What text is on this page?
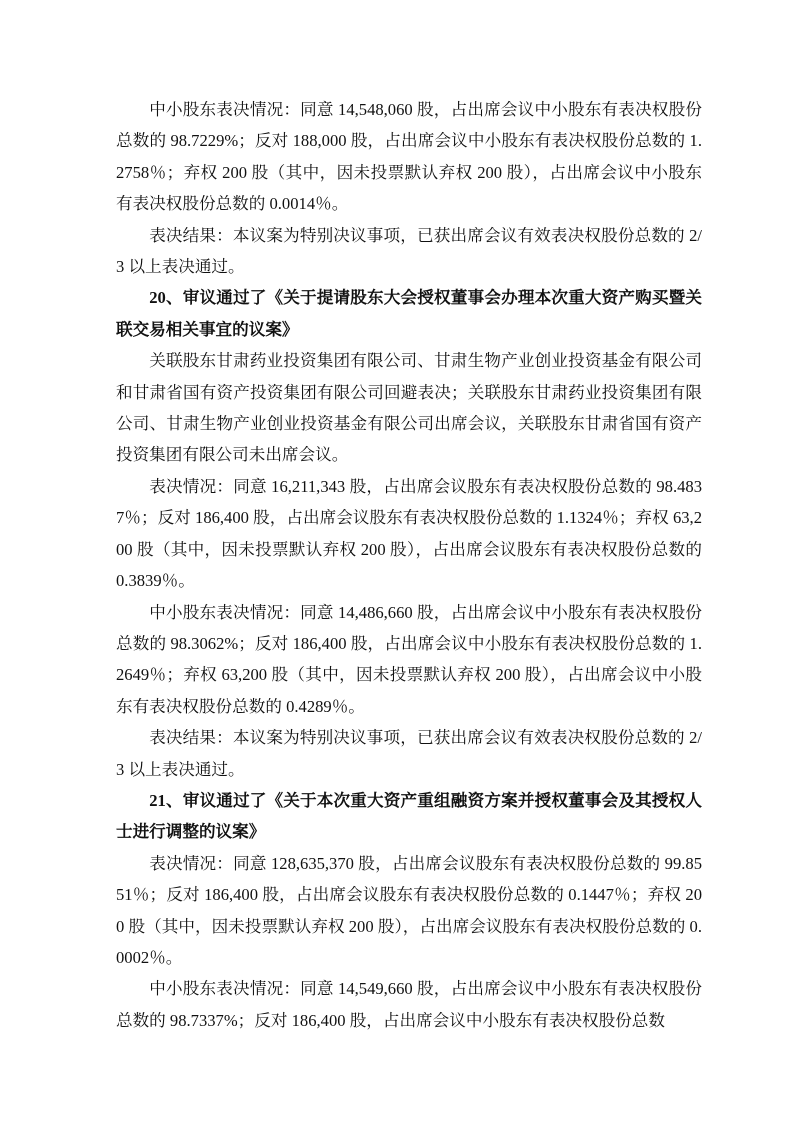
中小股东表决情况：同意 14,548,060 股，占出席会议中小股东有表决权股份总数的 98.7229%；反对 188,000 股，占出席会议中小股东有表决权股份总数的 1.2758％；弃权 200 股（其中，因未投票默认弃权 200 股），占出席会议中小股东有表决权股份总数的 0.0014％。

表决结果：本议案为特别决议事项，已获出席会议有效表决权股份总数的 2/3 以上表决通过。

20、审议通过了《关于提请股东大会授权董事会办理本次重大资产购买暨关联交易相关事宜的议案》

关联股东甘肃药业投资集团有限公司、甘肃生物产业创业投资基金有限公司和甘肃省国有资产投资集团有限公司回避表决；关联股东甘肃药业投资集团有限公司、甘肃生物产业创业投资基金有限公司出席会议，关联股东甘肃省国有资产投资集团有限公司未出席会议。

表决情况：同意 16,211,343 股，占出席会议股东有表决权股份总数的 98.4837％；反对 186,400 股，占出席会议股东有表决权股份总数的 1.1324％；弃权 63,200 股（其中，因未投票默认弃权 200 股），占出席会议股东有表决权股份总数的 0.3839％。

中小股东表决情况：同意 14,486,660 股，占出席会议中小股东有表决权股份总数的 98.3062%；反对 186,400 股，占出席会议中小股东有表决权股份总数的 1.2649％；弃权 63,200 股（其中，因未投票默认弃权 200 股），占出席会议中小股东有表决权股份总数的 0.4289％。

表决结果：本议案为特别决议事项，已获出席会议有效表决权股份总数的 2/3 以上表决通过。

21、审议通过了《关于本次重大资产重组融资方案并授权董事会及其授权人士进行调整的议案》

表决情况：同意 128,635,370 股，占出席会议股东有表决权股份总数的 99.8551％；反对 186,400 股，占出席会议股东有表决权股份总数的 0.1447％；弃权 200 股（其中，因未投票默认弃权 200 股），占出席会议股东有表决权股份总数的 0.0002％。

中小股东表决情况：同意 14,549,660 股，占出席会议中小股东有表决权股份总数的 98.7337%；反对 186,400 股，占出席会议中小股东有表决权股份总数
